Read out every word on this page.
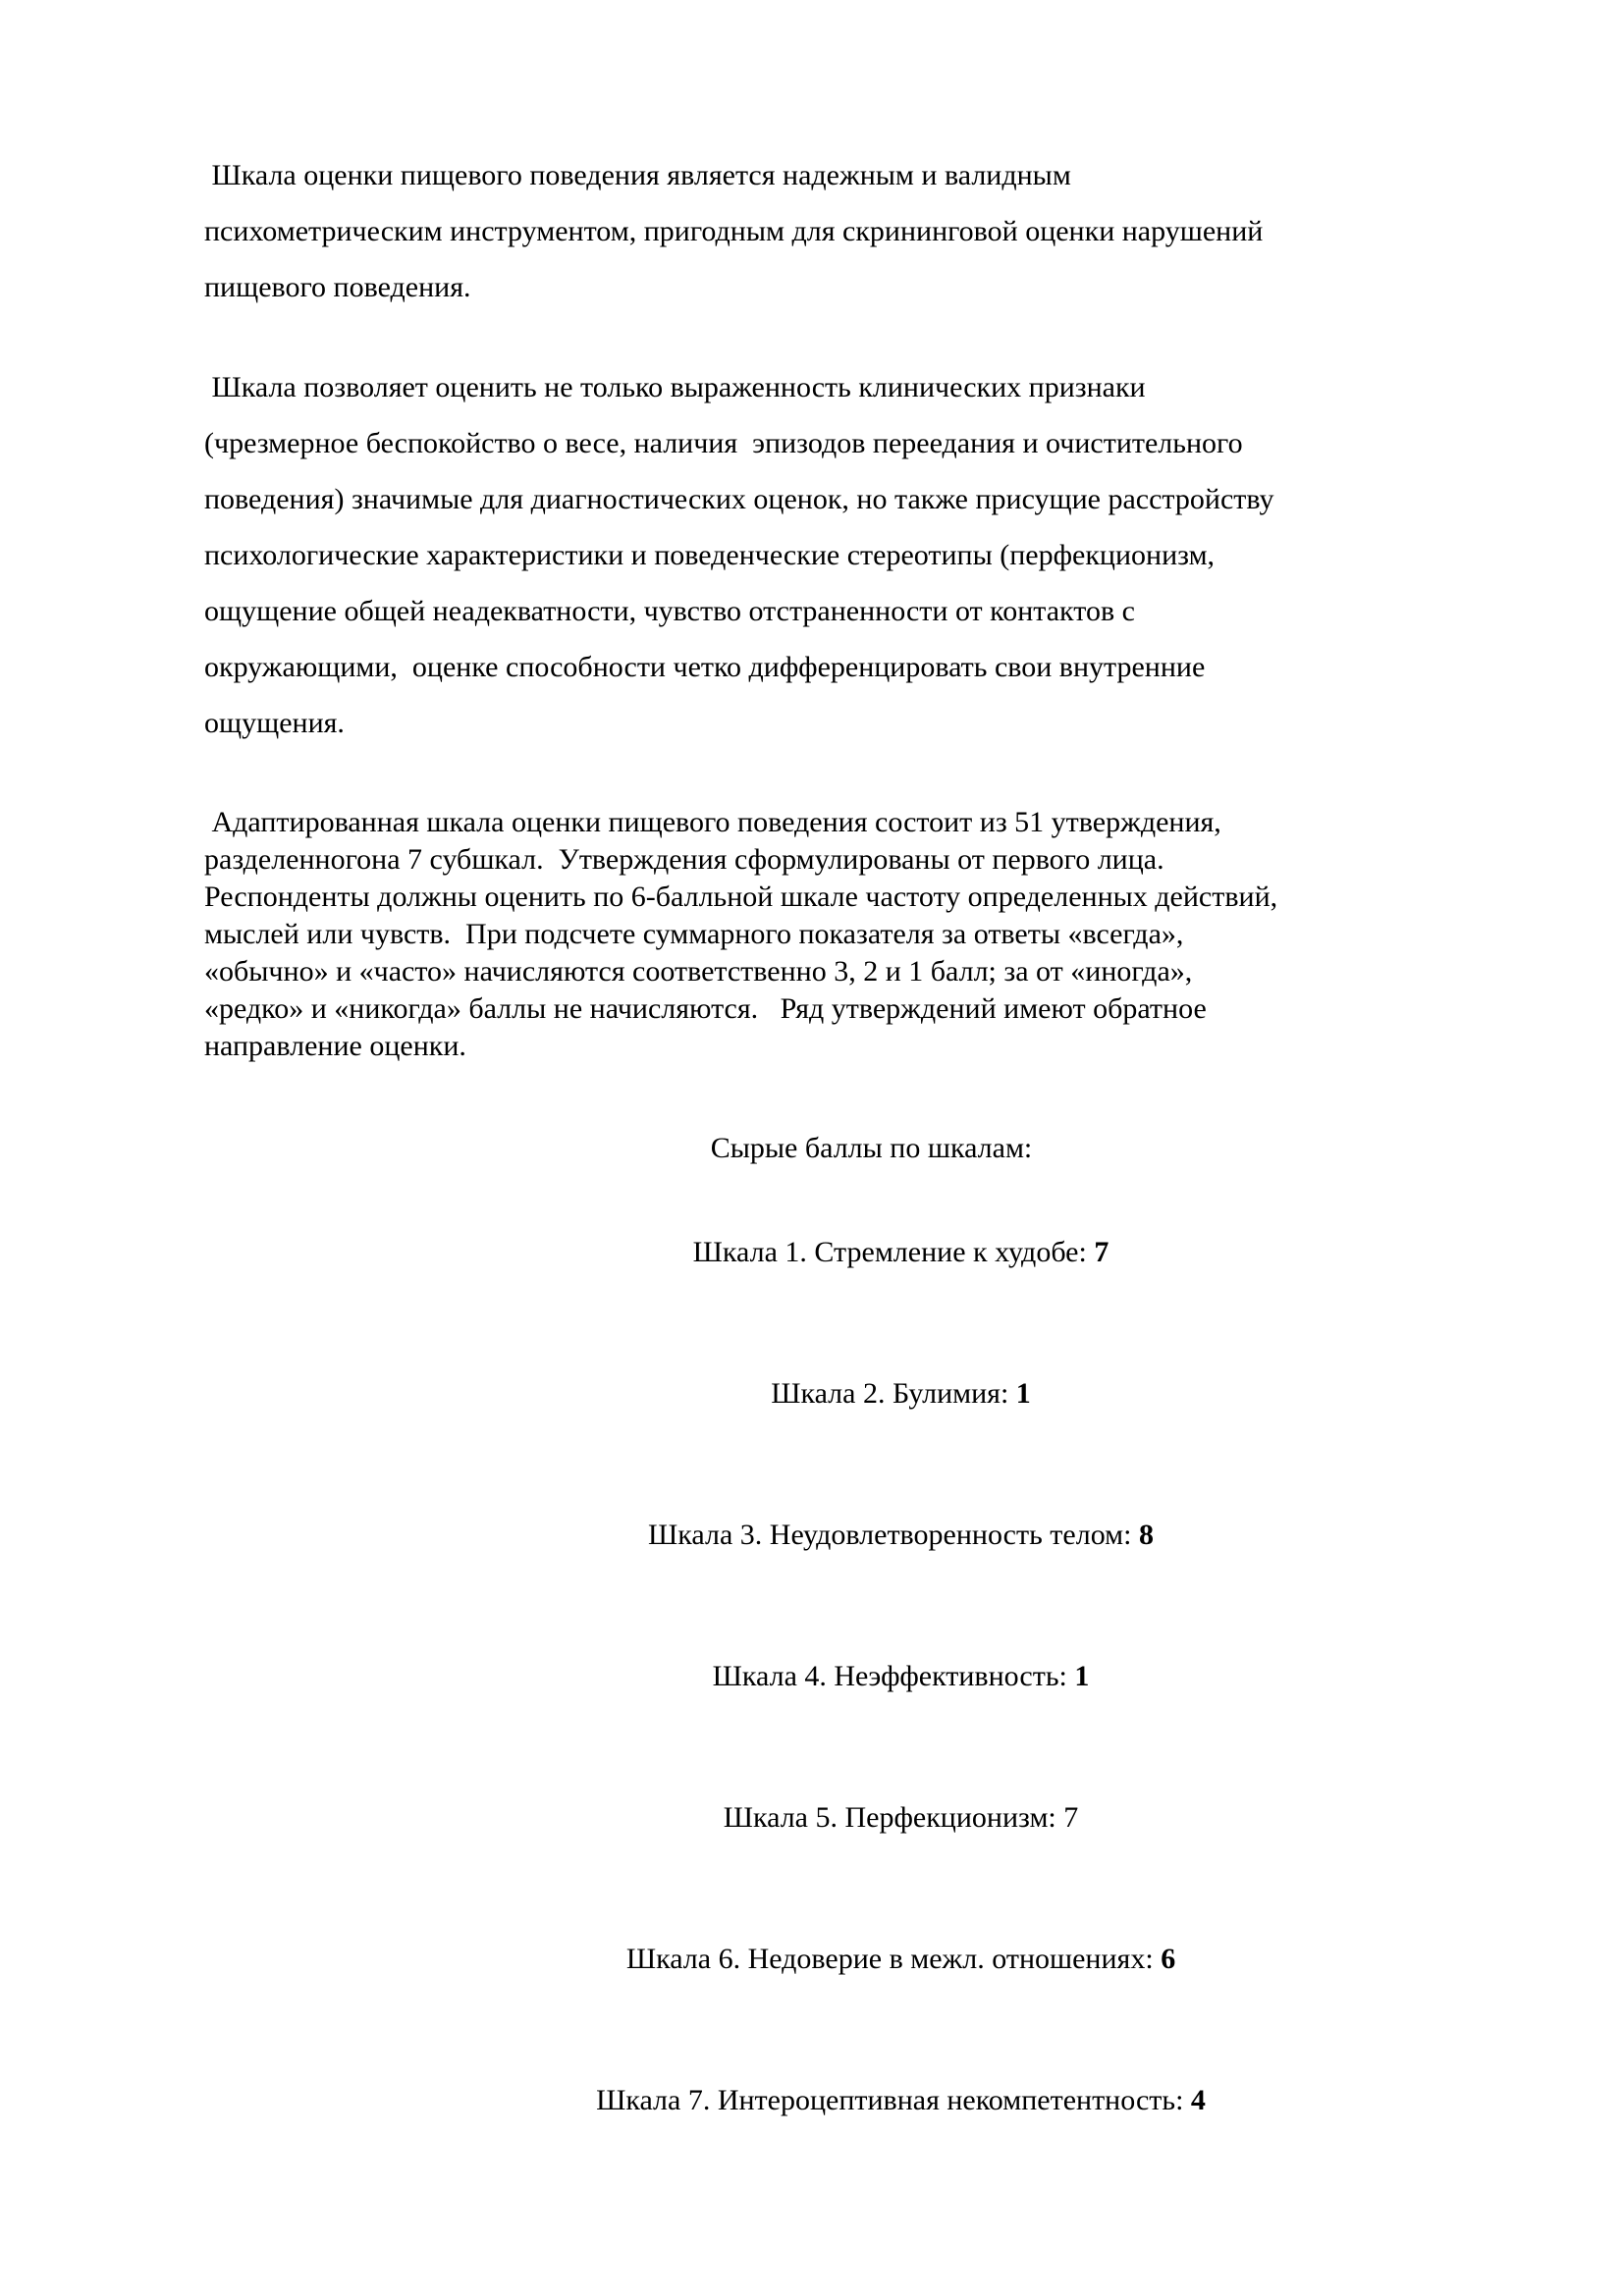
Шкала оценки пищевого поведения является надежным и валидным
психометрическим инструментом, пригодным для скрининговой оценки нарушений
пищевого поведения.
Шкала позволяет оценить не только выраженность клинических признаки
(чрезмерное беспокойство о весе, наличия  эпизодов переедания и очистительного
поведения) значимые для диагностических оценок, но также присущие расстройству
психологические характеристики и поведенческие стереотипы (перфекционизм,
ощущение общей неадекватности, чувство отстраненности от контактов с
окружающими,  оценке способности четко дифференцировать свои внутренние
ощущения.
Адаптированная шкала оценки пищевого поведения состоит из 51 утверждения,
разделенногона 7 субшкал.  Утверждения сформулированы от первого лица.
Респонденты должны оценить по 6-балльной шкале частоту определенных действий,
мыслей или чувств.  При подсчете суммарного показателя за ответы «всегда»,
«обычно» и «часто» начисляются соответственно 3, 2 и 1 балл; за от «иногда»,
«редко» и «никогда» баллы не начисляются.   Ряд утверждений имеют обратное
направление оценки.
Сырые баллы по шкалам:

Шкала 1. Стремление к худобе: 7

Шкала 2. Булимия: 1

Шкала 3. Неудовлетворенность телом: 8

Шкала 4. Неэффективность: 1

Шкала 5. Перфекционизм: 7

Шкала 6. Недоверие в межл. отношениях: 6

Шкала 7. Интероцептивная некомпетентность: 4
